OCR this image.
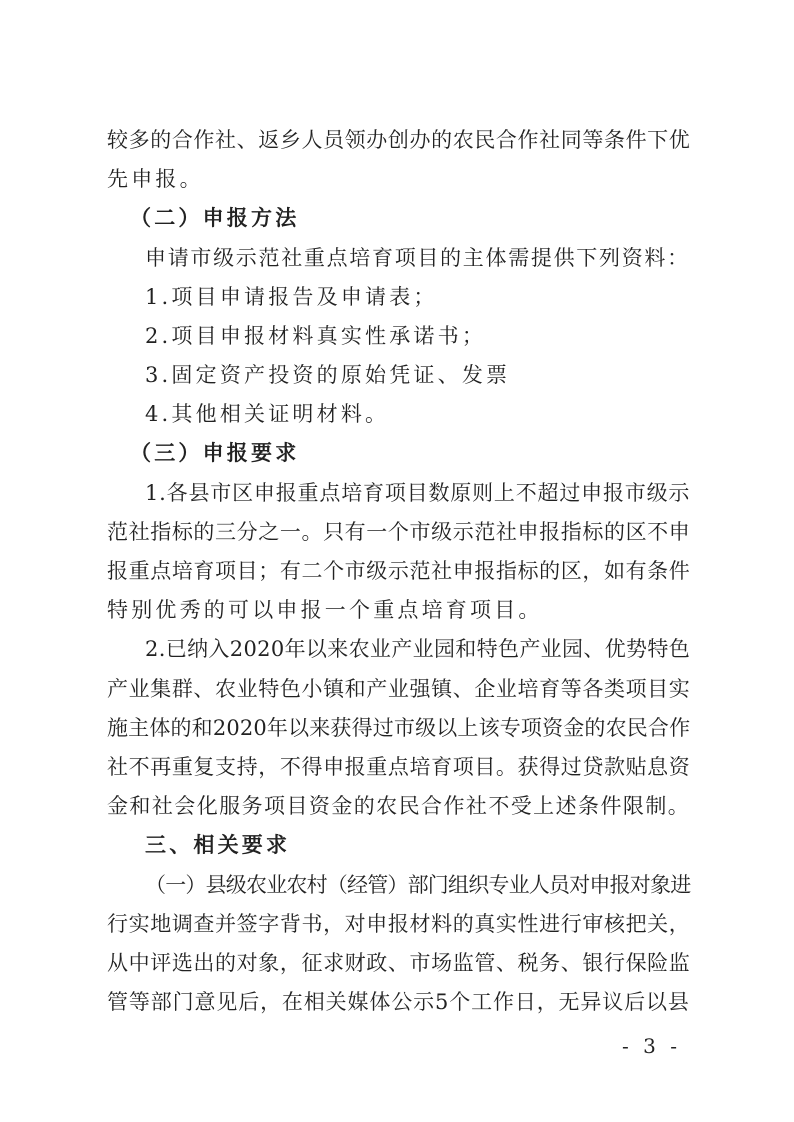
较多的合作社、返乡人员领办创办的农民合作社同等条件下优
先申报。
（二）申报方法
申请市级示范社重点培育项目的主体需提供下列资料：
1.项目申请报告及申请表；
2.项目申报材料真实性承诺书；
3.固定资产投资的原始凭证、发票
4.其他相关证明材料。
（三）申报要求
1.各县市区申报重点培育项目数原则上不超过申报市级示
范社指标的三分之一。只有一个市级示范社申报指标的区不申
报重点培育项目；有二个市级示范社申报指标的区，如有条件
特别优秀的可以申报一个重点培育项目。
2.已纳入2020年以来农业产业园和特色产业园、优势特色
产业集群、农业特色小镇和产业强镇、企业培育等各类项目实
施主体的和2020年以来获得过市级以上该专项资金的农民合作
社不再重复支持，不得申报重点培育项目。获得过贷款贴息资
金和社会化服务项目资金的农民合作社不受上述条件限制。
三、相关要求
（一）县级农业农村（经管）部门组织专业人员对申报对象进
行实地调查并签字背书，对申报材料的真实性进行审核把关，
从中评选出的对象，征求财政、市场监管、税务、银行保险监
管等部门意见后，在相关媒体公示5个工作日，无异议后以县
- 3 -
